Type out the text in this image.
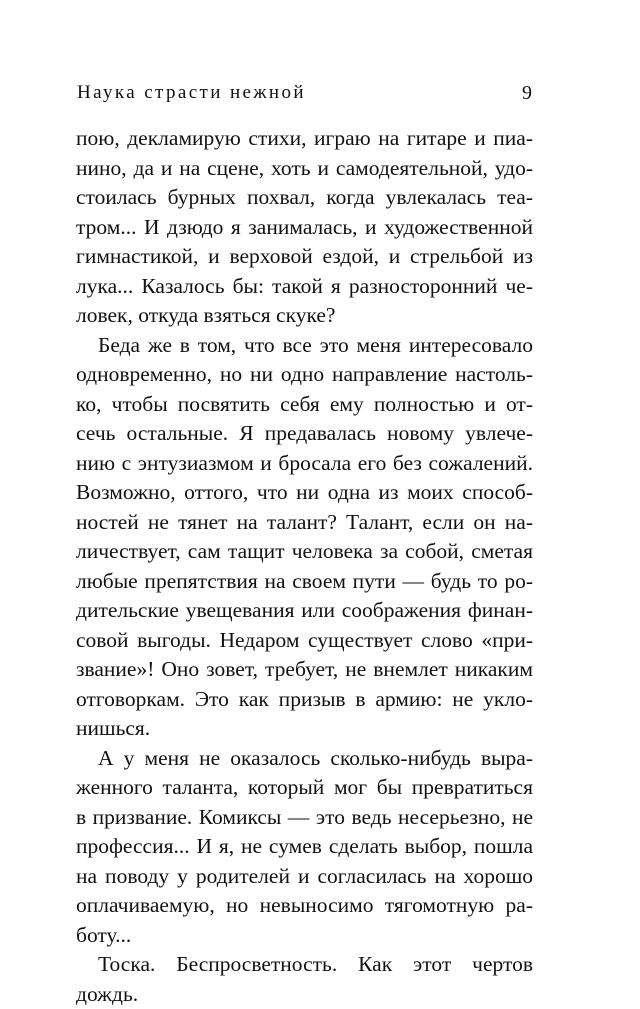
Наука страсти нежной	9
пою, декламирую стихи, играю на гитаре и пиа-
нино, да и на сцене, хоть и самодеятельной, удо-
стоилась бурных похвал, когда увлекалась теа-
тром... И дзюдо я занималась, и художественной
гимнастикой, и верховой ездой, и стрельбой из
лука... Казалось бы: такой я разносторонний че-
ловек, откуда взяться скуке?
Беда же в том, что все это меня интересовало
одновременно, но ни одно направление настоль-
ко, чтобы посвятить себя ему полностью и от-
сечь остальные. Я предавалась новому увлече-
нию с энтузиазмом и бросала его без сожалений.
Возможно, оттого, что ни одна из моих способ-
ностей не тянет на талант? Талант, если он на-
личествует, сам тащит человека за собой, сметая
любые препятствия на своем пути — будь то ро-
дительские увещевания или соображения финан-
совой выгоды. Недаром существует слово «при-
звание»! Оно зовет, требует, не внемлет никаким
отговоркам. Это как призыв в армию: не укло-
нишься.
А у меня не оказалось сколько-нибудь выра-
женного таланта, который мог бы превратиться
в призвание. Комиксы — это ведь несерьезно, не
профессия... И я, не сумев сделать выбор, пошла
на поводу у родителей и согласилась на хорошо
оплачиваемую, но невыносимо тягомотную ра-
боту...
Тоска. Беспросветность. Как этот чертов
дождь.
